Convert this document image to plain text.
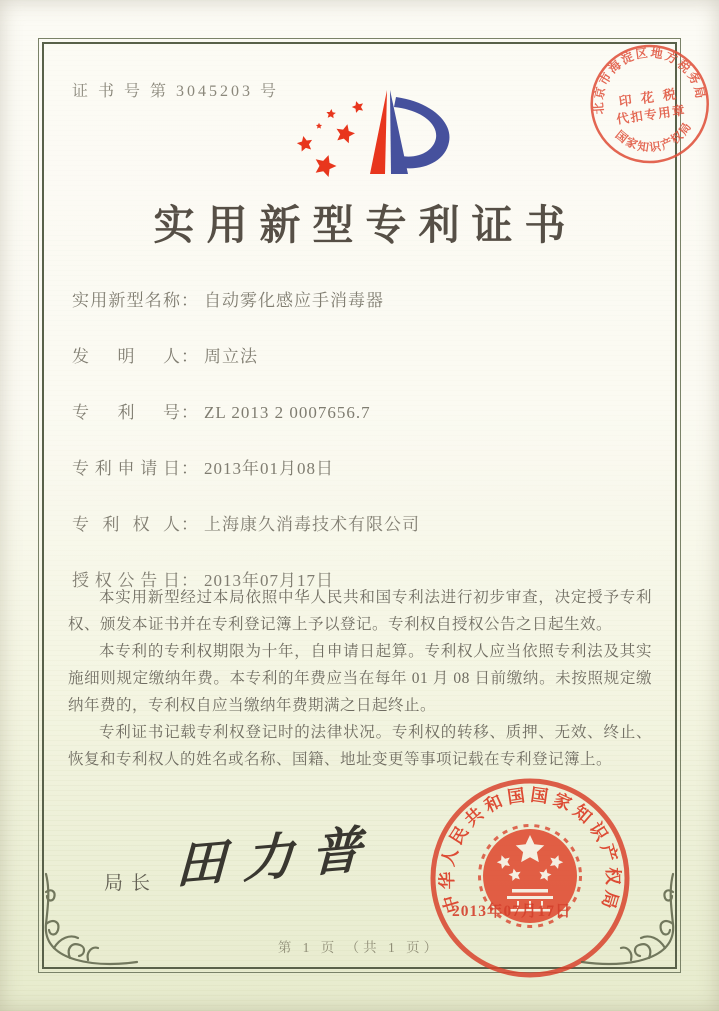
证 书 号 第 3045203 号
实用新型专利证书
实用新型名称： 自动雾化感应手消毒器
发明人： 周立法
专利号： ZL 2013 2 0007656.7
专利申请日： 2013年01月08日
专利权人： 上海康久消毒技术有限公司
授权公告日： 2013年07月17日

本实用新型经过本局依照中华人民共和国专利法进行初步审查，决定授予专利权、颁发本证书并在专利登记簿上予以登记。专利权自授权公告之日起生效。

本专利的专利权期限为十年，自申请日起算。专利权人应当依照专利法及其实施细则规定缴纳年费。本专利的年费应当在每年 01 月 08 日前缴纳。未按照规定缴纳年费的，专利权自应当缴纳年费期满之日起终止。

专利证书记载专利权登记时的法律状况。专利权的转移、质押、无效、终止、恢复和专利权人的姓名或名称、国籍、地址变更等事项记载在专利登记簿上。

局长 田力普
中华人民共和国国家知识产权局
2013年07月17日
北京市海淀区地方税务局
国家知识产权局
印 花 税
代扣专用章
第 1 页 （共 1 页）
